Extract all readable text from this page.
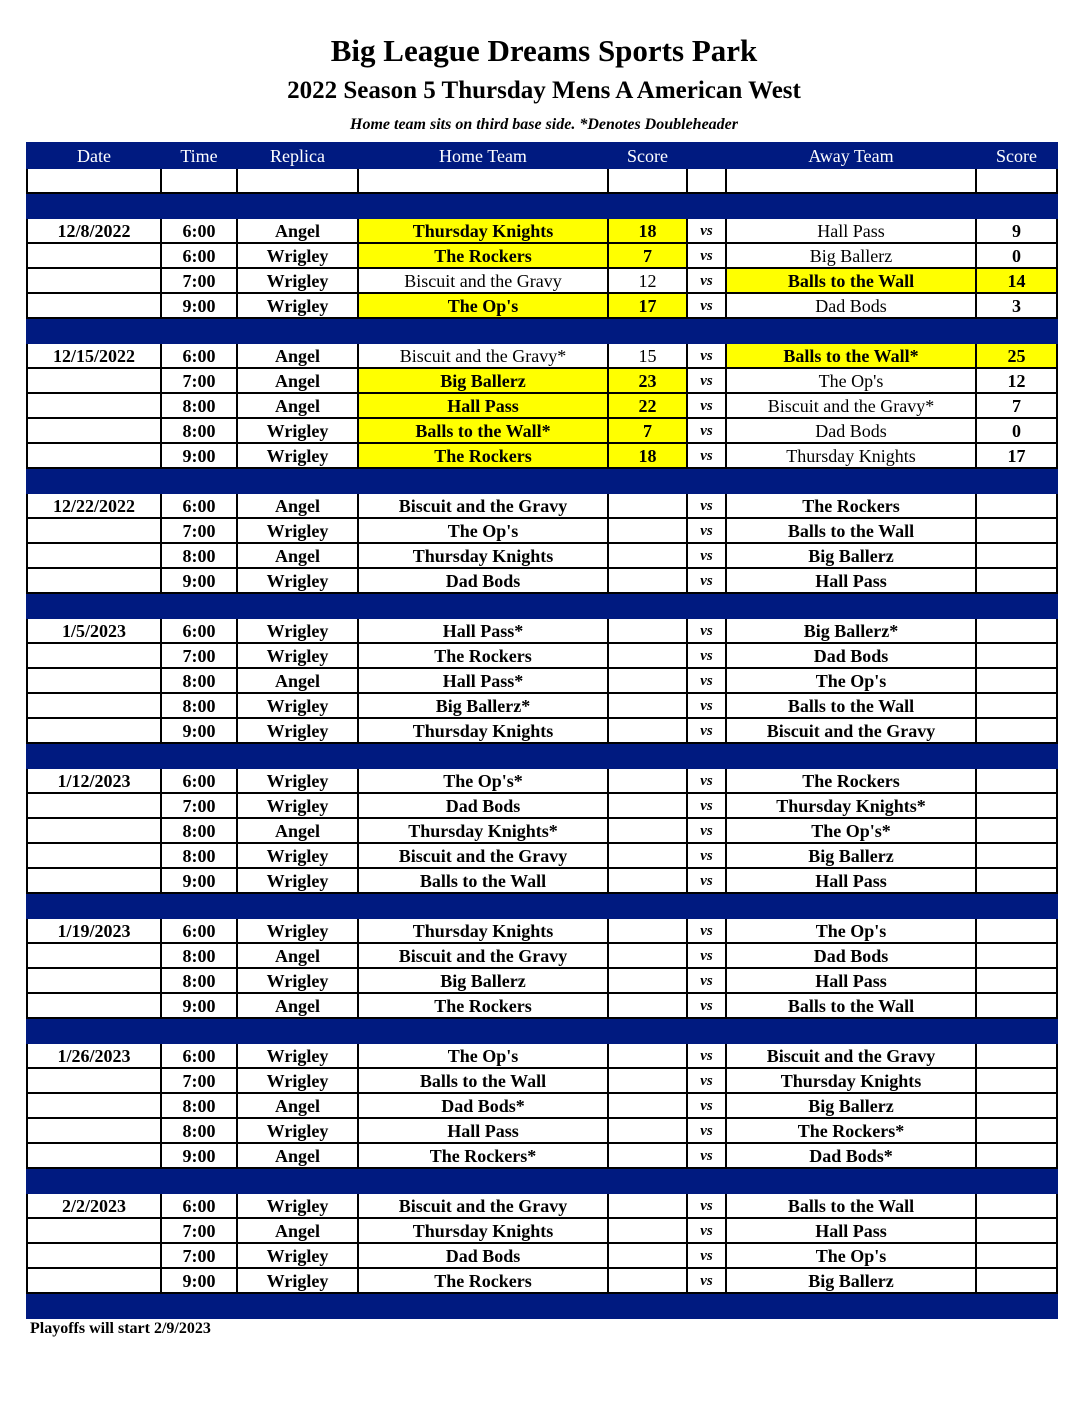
Big League Dreams Sports Park
2022 Season 5 Thursday Mens A American West
Home team sits on third base side. *Denotes Doubleheader
Date	Time	Replica	Home Team	Score		Away Team	Score

12/8/2022	6:00	Angel	Thursday Knights	18	vs	Hall Pass	9
	6:00	Wrigley	The Rockers	7	vs	Big Ballerz	0
	7:00	Wrigley	Biscuit and the Gravy	12	vs	Balls to the Wall	14
	9:00	Wrigley	The Op's	17	vs	Dad Bods	3

12/15/2022	6:00	Angel	Biscuit and the Gravy*	15	vs	Balls to the Wall*	25
	7:00	Angel	Big Ballerz	23	vs	The Op's	12
	8:00	Angel	Hall Pass	22	vs	Biscuit and the Gravy*	7
	8:00	Wrigley	Balls to the Wall*	7	vs	Dad Bods	0
	9:00	Wrigley	The Rockers	18	vs	Thursday Knights	17

12/22/2022	6:00	Angel	Biscuit and the Gravy		vs	The Rockers	
	7:00	Wrigley	The Op's		vs	Balls to the Wall	
	8:00	Angel	Thursday Knights		vs	Big Ballerz	
	9:00	Wrigley	Dad Bods		vs	Hall Pass	

1/5/2023	6:00	Wrigley	Hall Pass*		vs	Big Ballerz*	
	7:00	Wrigley	The Rockers		vs	Dad Bods	
	8:00	Angel	Hall Pass*		vs	The Op's	
	8:00	Wrigley	Big Ballerz*		vs	Balls to the Wall	
	9:00	Wrigley	Thursday Knights		vs	Biscuit and the Gravy	

1/12/2023	6:00	Wrigley	The Op's*		vs	The Rockers	
	7:00	Wrigley	Dad Bods		vs	Thursday Knights*	
	8:00	Angel	Thursday Knights*		vs	The Op's*	
	8:00	Wrigley	Biscuit and the Gravy		vs	Big Ballerz	
	9:00	Wrigley	Balls to the Wall		vs	Hall Pass	

1/19/2023	6:00	Wrigley	Thursday Knights		vs	The Op's	
	8:00	Angel	Biscuit and the Gravy		vs	Dad Bods	
	8:00	Wrigley	Big Ballerz		vs	Hall Pass	
	9:00	Angel	The Rockers		vs	Balls to the Wall	

1/26/2023	6:00	Wrigley	The Op's		vs	Biscuit and the Gravy	
	7:00	Wrigley	Balls to the Wall		vs	Thursday Knights	
	8:00	Angel	Dad Bods*		vs	Big Ballerz	
	8:00	Wrigley	Hall Pass		vs	The Rockers*	
	9:00	Angel	The Rockers*		vs	Dad Bods*	

2/2/2023	6:00	Wrigley	Biscuit and the Gravy		vs	Balls to the Wall	
	7:00	Angel	Thursday Knights		vs	Hall Pass	
	7:00	Wrigley	Dad Bods		vs	The Op's	
	9:00	Wrigley	The Rockers		vs	Big Ballerz	

Playoffs will start 2/9/2023
